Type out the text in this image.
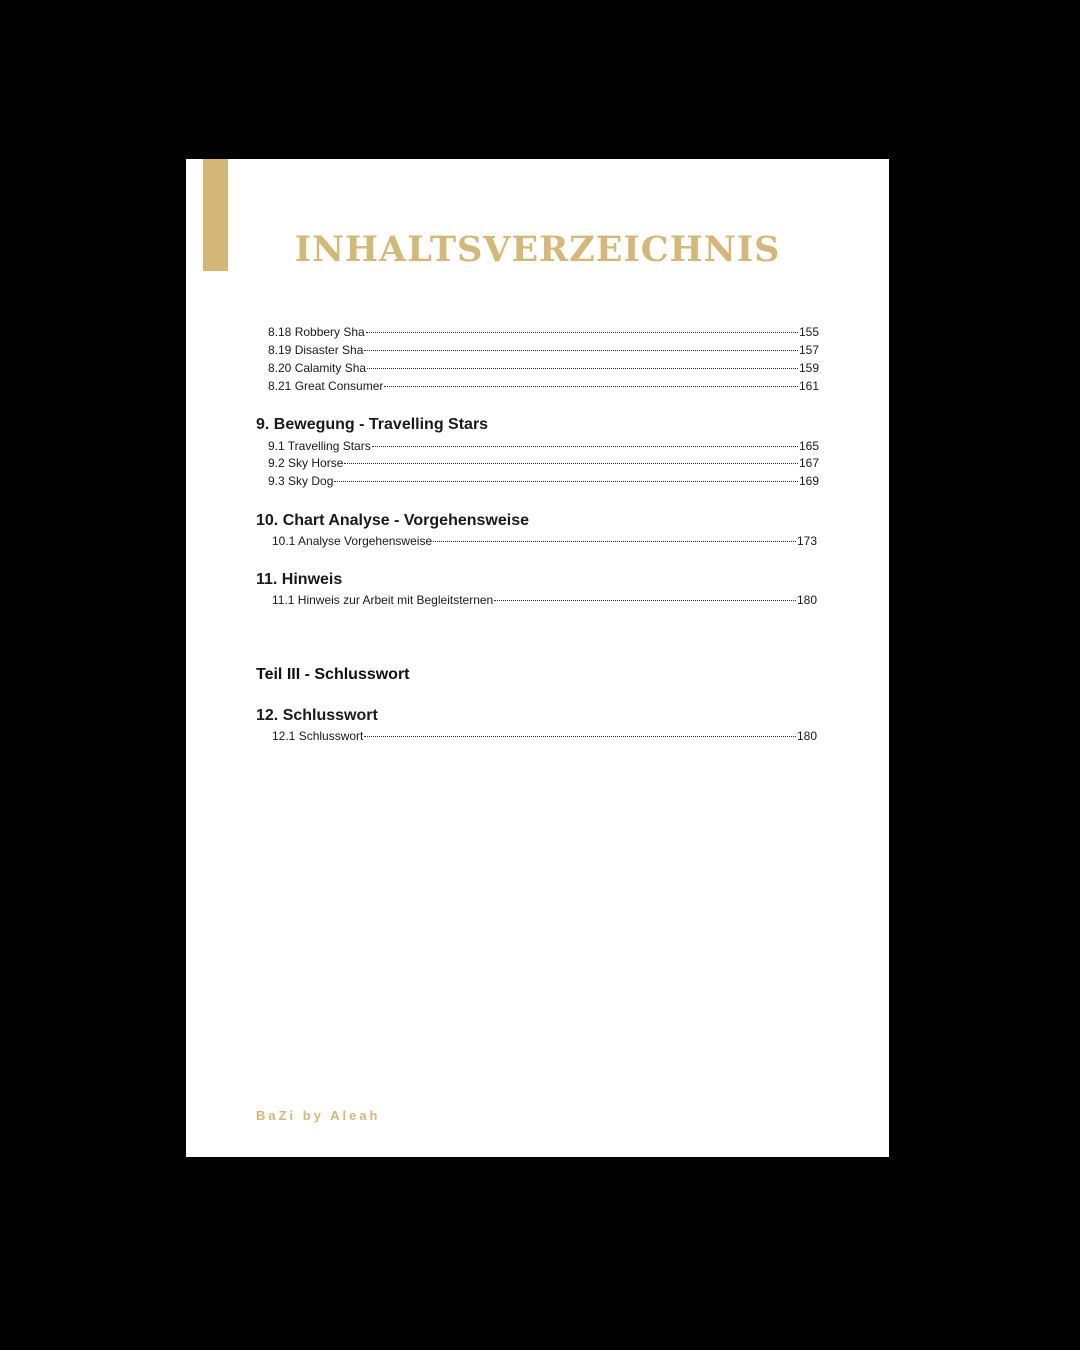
INHALTSVERZEICHNIS
8.18 Robbery Sha	155
8.19 Disaster Sha	157
8.20 Calamity Sha	159
8.21 Great Consumer	161
9. Bewegung - Travelling Stars
9.1 Travelling Stars	165
9.2 Sky Horse	167
9.3 Sky Dog	169
10. Chart Analyse - Vorgehensweise
10.1 Analyse Vorgehensweise	173
11. Hinweis
11.1 Hinweis zur Arbeit mit Begleitsternen	180
Teil III - Schlusswort
12. Schlusswort
12.1 Schlusswort	180
BaZi by Aleah
